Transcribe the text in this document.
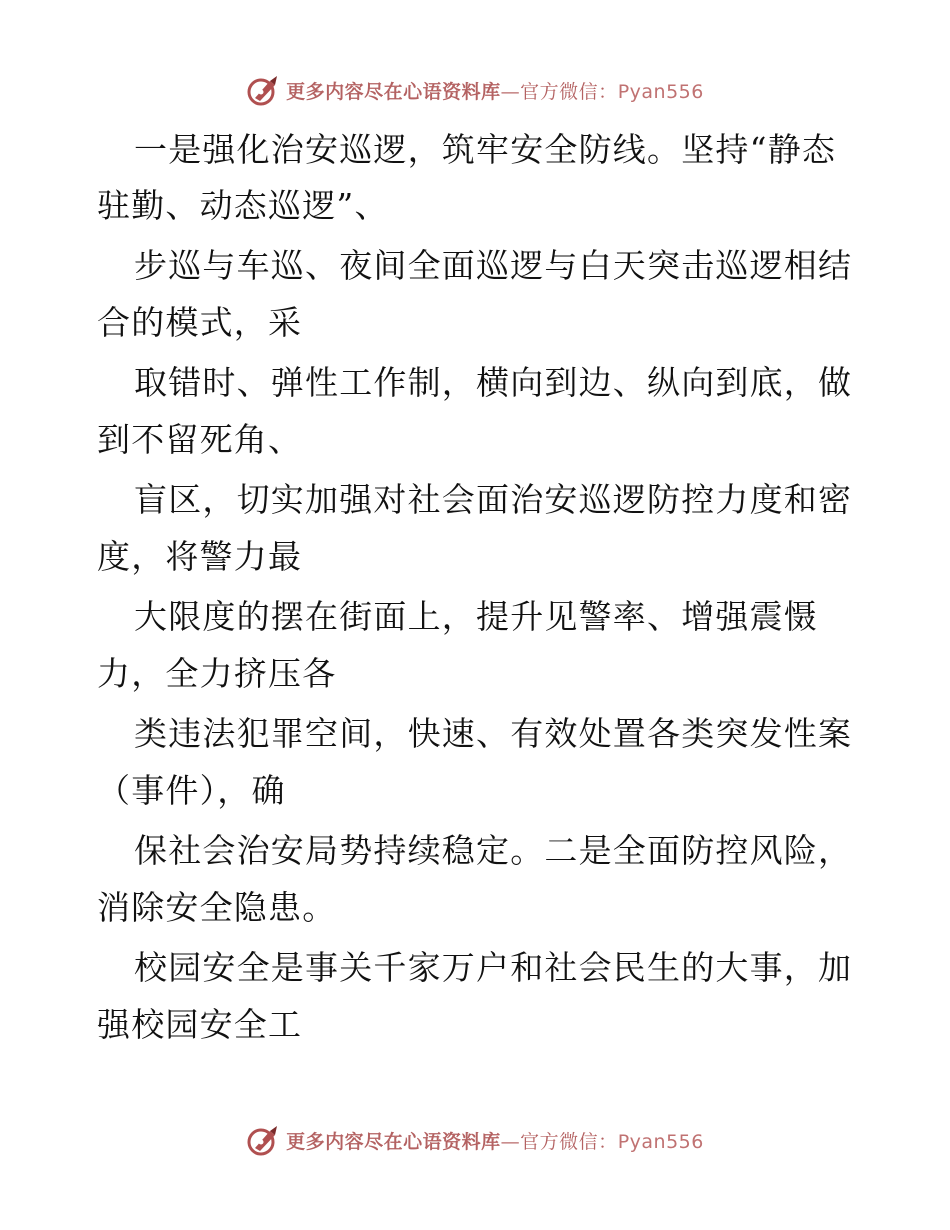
更多内容尽在心语资料库—官方微信：Pyan556
一是强化治安巡逻，筑牢安全防线。坚持“静态
驻勤、动态巡逻”、
步巡与车巡、夜间全面巡逻与白天突击巡逻相结
合的模式，采
取错时、弹性工作制，横向到边、纵向到底，做
到不留死角、
盲区，切实加强对社会面治安巡逻防控力度和密
度，将警力最
大限度的摆在街面上，提升见警率、增强震慑
力，全力挤压各
类违法犯罪空间，快速、有效处置各类突发性案
（事件），确
保社会治安局势持续稳定。二是全面防控风险，
消除安全隐患。
校园安全是事关千家万户和社会民生的大事，加
强校园安全工
更多内容尽在心语资料库—官方微信：Pyan556
